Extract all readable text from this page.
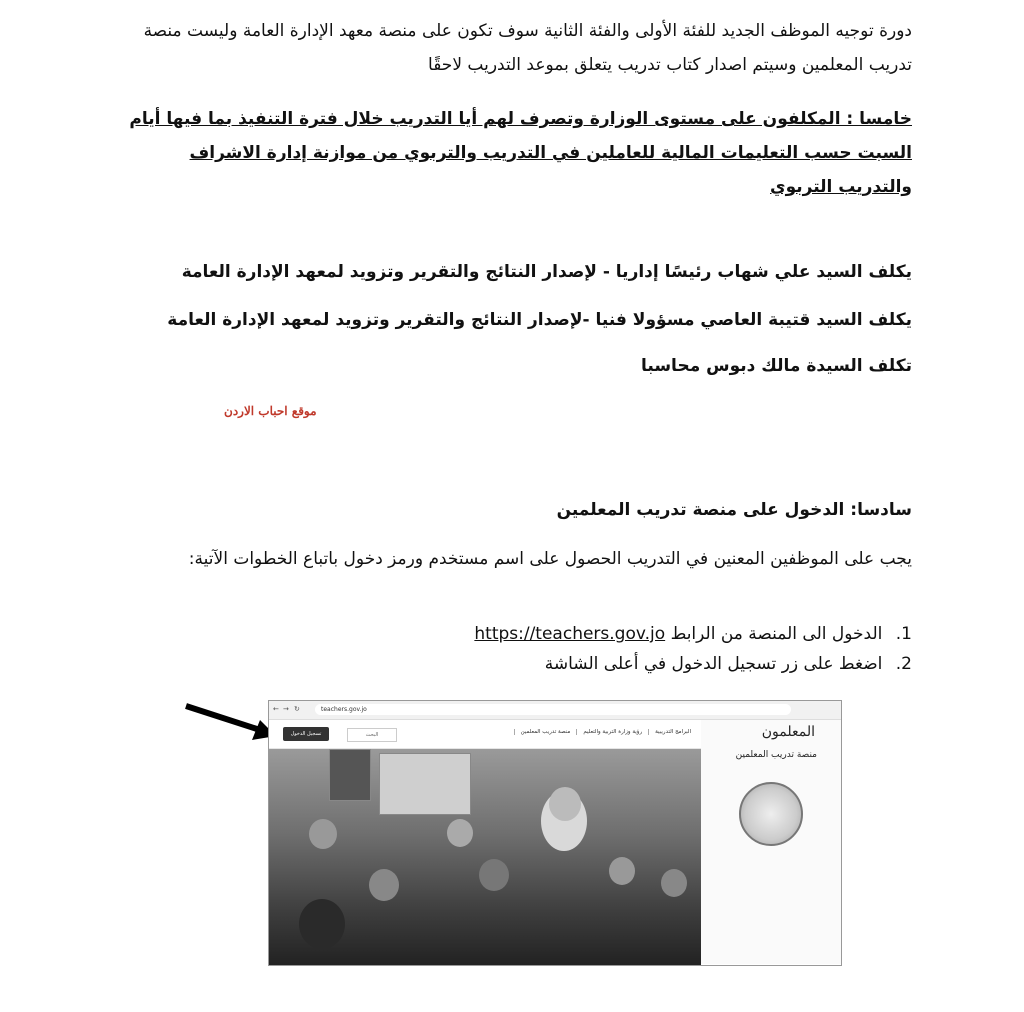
دورة توجيه الموظف الجديد للفئة الأولى والفئة الثانية سوف تكون على منصة معهد الإدارة العامة وليست منصة تدريب المعلمين وسيتم اصدار كتاب تدريب يتعلق بموعد التدريب لاحقًا
خامسا : المكلفون على مستوى الوزارة وتصرف لهم أيا التدريب خلال فترة التنفيذ بما فيها أيام السبت حسب التعليمات المالية للعاملين في التدريب والتربوي من موازنة إدارة الاشراف والتدريب التربوي
يكلف السيد علي شهاب رئيسًا إداريا - لإصدار النتائج والتقرير وتزويد لمعهد الإدارة العامة
يكلف السيد قتيبة العاصي مسؤولا فنيا -لإصدار النتائج والتقرير وتزويد لمعهد الإدارة العامة
تكلف السيدة مالك دبوس محاسبا
موقع احباب الاردن
سادسا: الدخول على منصة تدريب المعلمين
يجب على الموظفين المعنين في التدريب الحصول على اسم مستخدم ورمز دخول باتباع الخطوات الآتية:
1. الدخول الى المنصة من الرابط https://teachers.gov.jo
2. اضغط على زر تسجيل الدخول في أعلى الشاشة
← → ↻	teachers.gov.jo
تسجيل الدخول	البحث	البرامج التدريبية
رؤية وزارة التربية والتعليم
منصة تدريب المعلمين	المعلمون
منصة تدريب المعلمين
